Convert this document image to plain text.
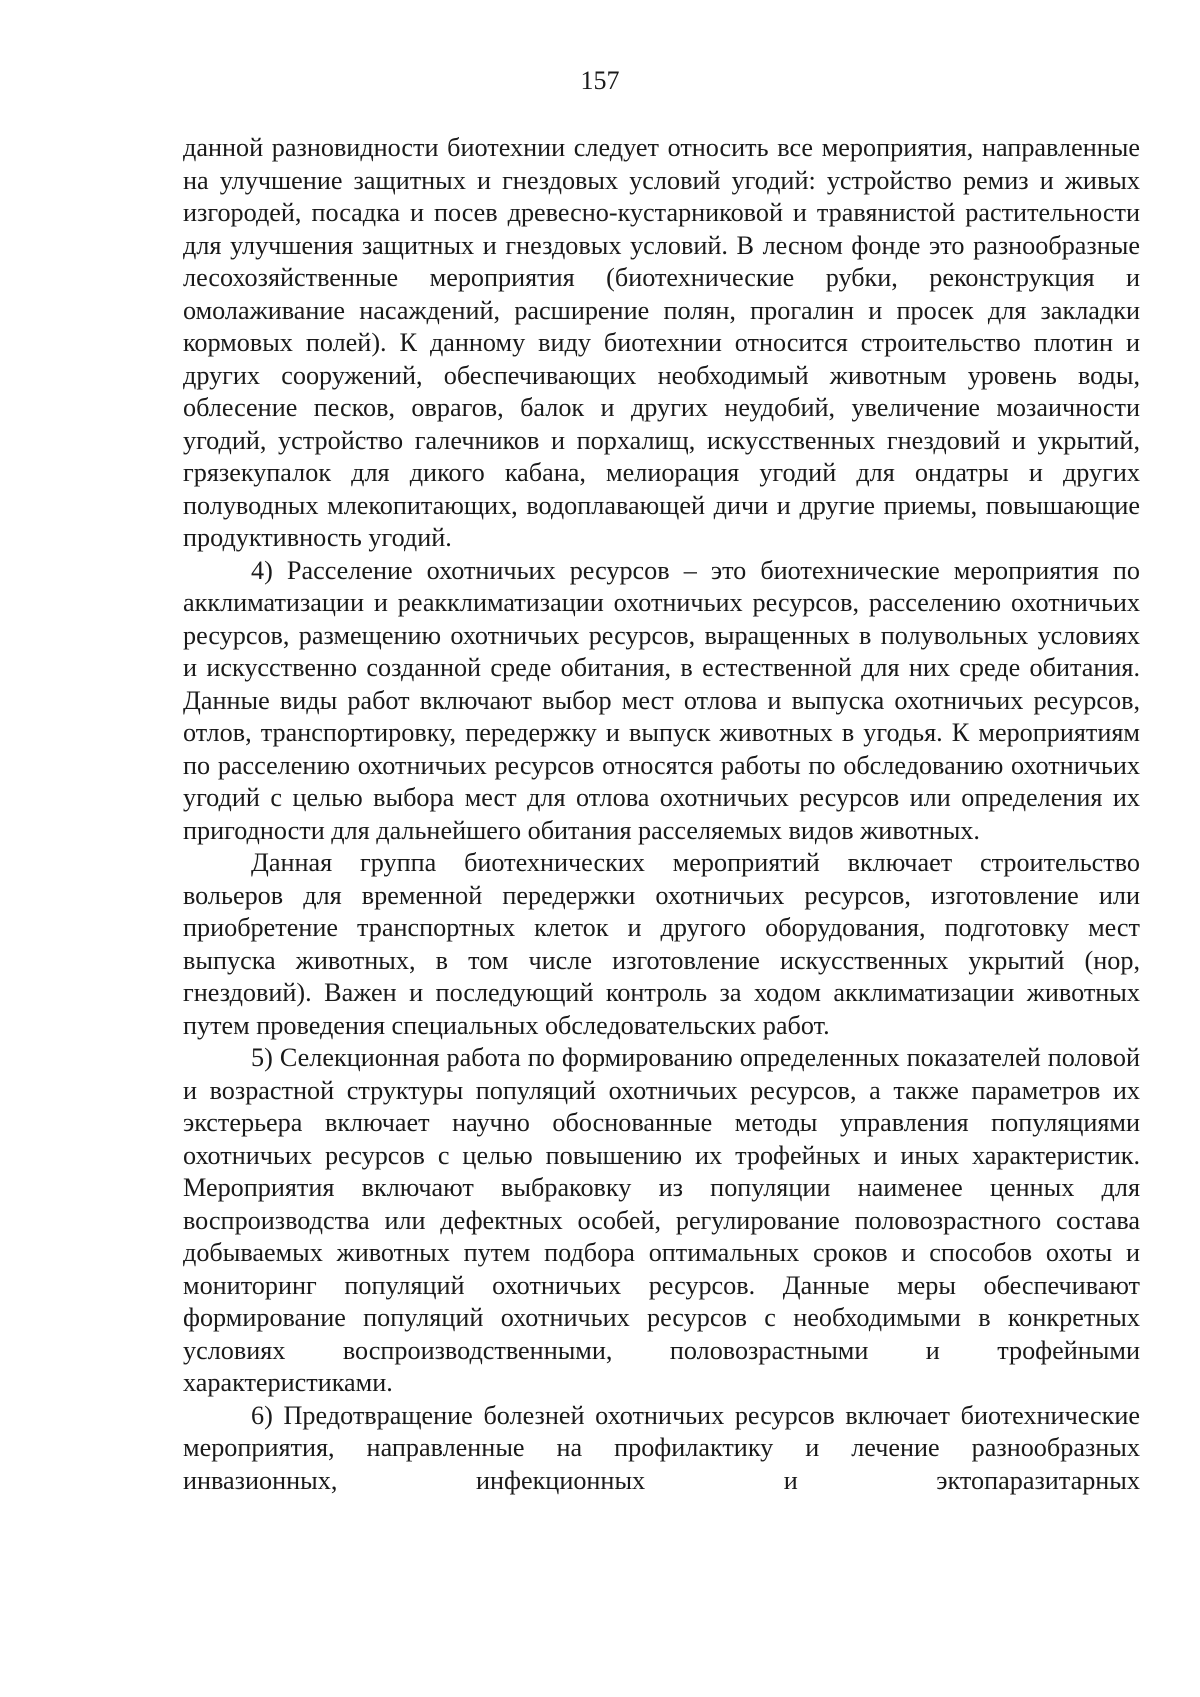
157

данной разновидности биотехнии следует относить все мероприятия, направленные на улучшение защитных и гнездовых условий угодий: устройство ремиз и живых изгородей, посадка и посев древесно-кустарниковой и травянистой растительности для улучшения защитных и гнездовых условий. В лесном фонде это разнообразные лесохозяйственные мероприятия (биотехнические рубки, реконструкция и омолаживание насаждений, расширение полян, прогалин и просек для закладки кормовых полей). К данному виду биотехнии относится строительство плотин и других сооружений, обеспечивающих необходимый животным уровень воды, облесение песков, оврагов, балок и других неудобий, увеличение мозаичности угодий, устройство галечников и порхалищ, искусственных гнездовий и укрытий, грязекупалок для дикого кабана, мелиорация угодий для ондатры и других полуводных млекопитающих, водоплавающей дичи и другие приемы, повышающие продуктивность угодий.

4) Расселение охотничьих ресурсов – это биотехнические мероприятия по акклиматизации и реакклиматизации охотничьих ресурсов, расселению охотничьих ресурсов, размещению охотничьих ресурсов, выращенных в полувольных условиях и искусственно созданной среде обитания, в естественной для них среде обитания. Данные виды работ включают выбор мест отлова и выпуска охотничьих ресурсов, отлов, транспортировку, передержку и выпуск животных в угодья. К мероприятиям по расселению охотничьих ресурсов относятся работы по обследованию охотничьих угодий с целью выбора мест для отлова охотничьих ресурсов или определения их пригодности для дальнейшего обитания расселяемых видов животных.

Данная группа биотехнических мероприятий включает строительство вольеров для временной передержки охотничьих ресурсов, изготовление или приобретение транспортных клеток и другого оборудования, подготовку мест выпуска животных, в том числе изготовление искусственных укрытий (нор, гнездовий). Важен и последующий контроль за ходом акклиматизации животных путем проведения специальных обследовательских работ.

5) Селекционная работа по формированию определенных показателей половой и возрастной структуры популяций охотничьих ресурсов, а также параметров их экстерьера включает научно обоснованные методы управления популяциями охотничьих ресурсов с целью повышению их трофейных и иных характеристик. Мероприятия включают выбраковку из популяции наименее ценных для воспроизводства или дефектных особей, регулирование половозрастного состава добываемых животных путем подбора оптимальных сроков и способов охоты и мониторинг популяций охотничьих ресурсов. Данные меры обеспечивают формирование популяций охотничьих ресурсов с необходимыми в конкретных условиях воспроизводственными, половозрастными и трофейными характеристиками.

6) Предотвращение болезней охотничьих ресурсов включает биотехнические мероприятия, направленные на профилактику и лечение разнообразных инвазионных, инфекционных и эктопаразитарных
